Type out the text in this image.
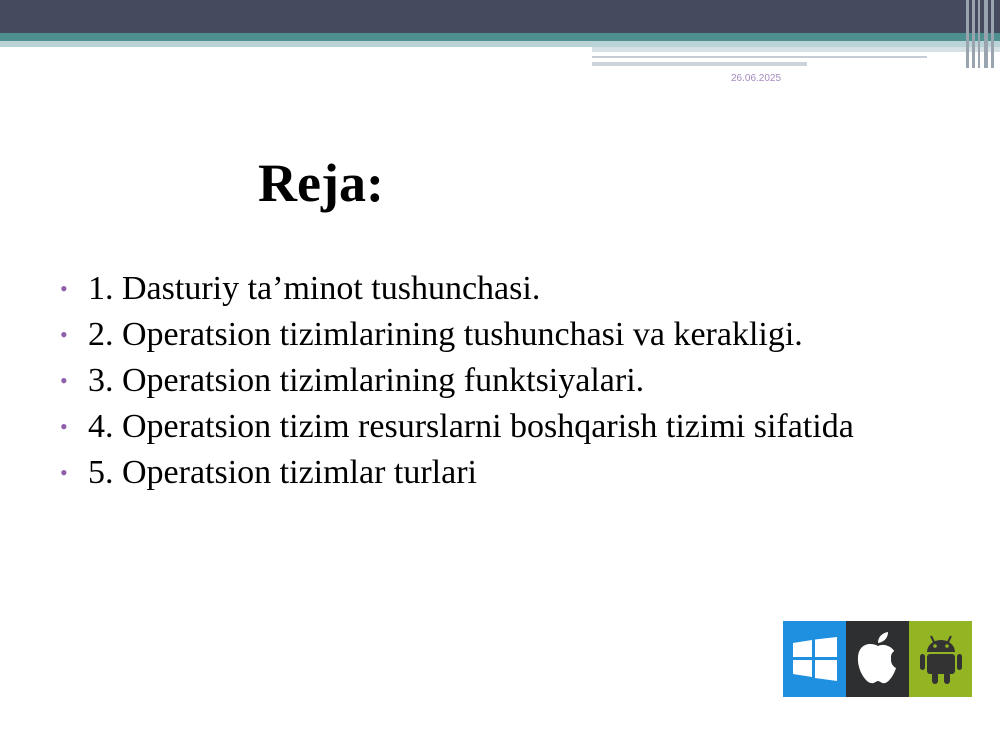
26.06.2025
Reja:
• 1. Dasturiy ta’minot tushunchasi.
• 2. Operatsion tizimlarining tushunchasi va kerakligi.
• 3. Operatsion tizimlarining funktsiyalari.
• 4. Operatsion tizim resurslarni boshqarish tizimi sifatida
• 5. Operatsion tizimlar turlari
